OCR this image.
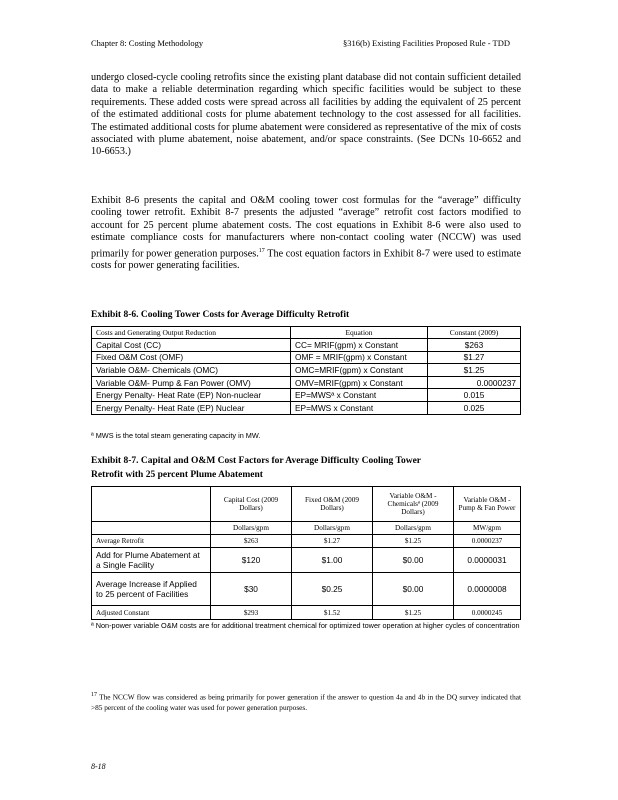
Chapter 8: Costing Methodology	§316(b) Existing Facilities Proposed Rule - TDD

undergo closed-cycle cooling retrofits since the existing plant database did not contain sufficient detailed data to make a reliable determination regarding which specific facilities would be subject to these requirements. These added costs were spread across all facilities by adding the equivalent of 25 percent of the estimated additional costs for plume abatement technology to the cost assessed for all facilities. The estimated additional costs for plume abatement were considered as representative of the mix of costs associated with plume abatement, noise abatement, and/or space constraints. (See DCNs 10-6652 and 10-6653.)

Exhibit 8-6 presents the capital and O&M cooling tower cost formulas for the “average” difficulty cooling tower retrofit. Exhibit 8-7 presents the adjusted “average” retrofit cost factors modified to account for 25 percent plume abatement costs. The cost equations in Exhibit 8-6 were also used to estimate compliance costs for manufacturers where non-contact cooling water (NCCW) was used primarily for power generation purposes.$^{17}$ The cost equation factors in Exhibit 8-7 were used to estimate costs for power generating facilities.

Exhibit 8-6. Cooling Tower Costs for Average Difficulty Retrofit
Costs and Generating Output Reduction	Equation	Constant (2009)
Capital Cost (CC)	CC= MRIF(gpm) x Constant	$263
Fixed O&M Cost (OMF)	OMF = MRIF(gpm) x Constant	$1.27
Variable O&M- Chemicals (OMC)	OMC=MRIF(gpm) x Constant	$1.25
Variable O&M- Pump & Fan Power (OMV)	OMV=MRIF(gpm) x Constant	0.0000237
Energy Penalty- Heat Rate (EP) Non-nuclear	EP=MWSª x Constant	0.015
Energy Penalty- Heat Rate (EP) Nuclear	EP=MWS x Constant	0.025
ª MWS is the total steam generating capacity in MW.
Exhibit 8-7. Capital and O&M Cost Factors for Average Difficulty Cooling Tower
Retrofit with 25 percent Plume Abatement
	Capital Cost (2009 Dollars)	Fixed O&M (2009 Dollars)	Variable O&M - Chemicalsª (2009 Dollars)	Variable O&M - Pump & Fan Power
	Dollars/gpm	Dollars/gpm	Dollars/gpm	MW/gpm
Average Retrofit	$263	$1.27	$1.25	0.0000237
Add for Plume Abatement at a Single Facility	$120	$1.00	$0.00	0.0000031
Average Increase if Applied to 25 percent of Facilities	$30	$0.25	$0.00	0.0000008
Adjusted Constant	$293	$1.52	$1.25	0.0000245
ª Non-power variable O&M costs are for additional treatment chemical for optimized tower operation at higher cycles of concentration
$^{17}$ The NCCW flow was considered as being primarily for power generation if the answer to question 4a and 4b in the DQ survey indicated that >85 percent of the cooling water was used for power generation purposes.
8-18
